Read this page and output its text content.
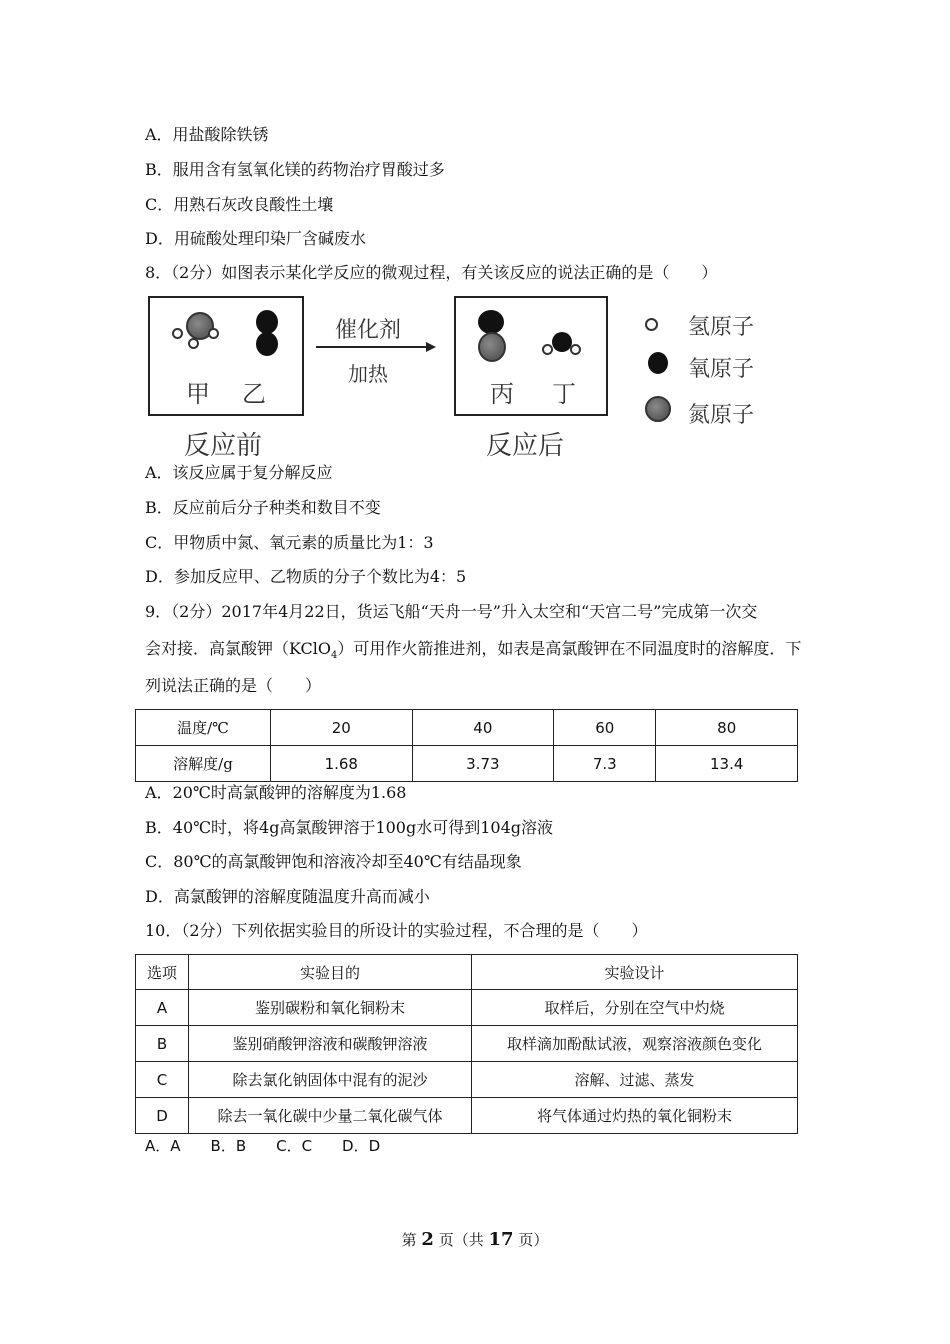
A．用盐酸除铁锈
B．服用含有氢氧化镁的药物治疗胃酸过多
C．用熟石灰改良酸性土壤
D．用硫酸处理印染厂含碱废水
8．（2分）如图表示某化学反应的微观过程，有关该反应的说法正确的是（　　）
甲 乙
催化剂
加热
丙 丁
反应前	反应后
氢原子
氧原子
氮原子
A．该反应属于复分解反应
B．反应前后分子种类和数目不变
C．甲物质中氮、氧元素的质量比为1：3
D．参加反应甲、乙物质的分子个数比为4：5
9．（2分）2017年4月22日，货运飞船“天舟一号”升入太空和“天宫二号”完成第一次交
会对接．高氯酸钾（KClO$_4$）可用作火箭推进剂，如表是高氯酸钾在不同温度时的溶解度．下
列说法正确的是（　　）
温度/℃	20	40	60	80
溶解度/g	1.68	3.73	7.3	13.4
A．20℃时高氯酸钾的溶解度为1.68
B．40℃时，将4g高氯酸钾溶于100g水可得到104g溶液
C．80℃的高氯酸钾饱和溶液冷却至40℃有结晶现象
D．高氯酸钾的溶解度随温度升高而减小
10．（2分）下列依据实验目的所设计的实验过程，不合理的是（　　）
选项	实验目的	实验设计
A	鉴别碳粉和氧化铜粉末	取样后，分别在空气中灼烧
B	鉴别硝酸钾溶液和碳酸钾溶液	取样滴加酚酞试液，观察溶液颜色变化
C	除去氯化钠固体中混有的泥沙	溶解、过滤、蒸发
D	除去一氧化碳中少量二氧化碳气体	将气体通过灼热的氧化铜粉末
A．A　　B．B　　C．C　　D．D
第 2 页（共 17 页）
